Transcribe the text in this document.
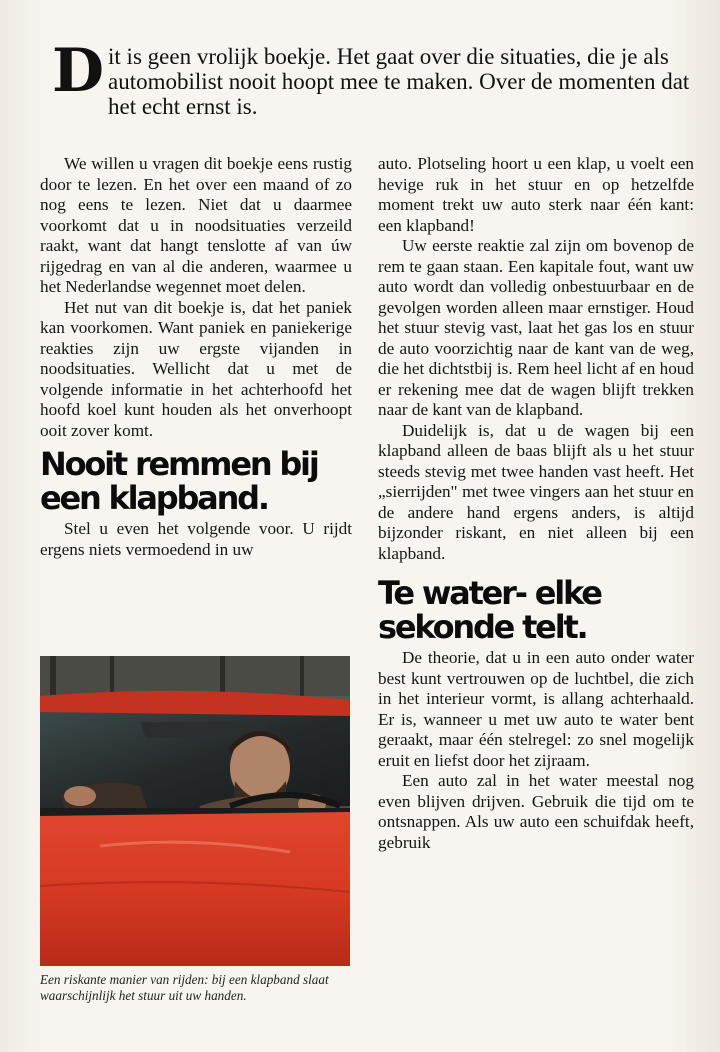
Dit is geen vrolijk boekje. Het gaat over die situaties, die je als automobilist nooit hoopt mee te maken. Over de momenten dat het echt ernst is.

We willen u vragen dit boekje eens rustig door te lezen. En het over een maand of zo nog eens te lezen. Niet dat u daarmee voorkomt dat u in noodsituaties verzeild raakt, want dat hangt tenslotte af van úw rijgedrag en van al die anderen, waarmee u het Nederlandse wegennet moet delen.

Het nut van dit boekje is, dat het paniek kan voorkomen. Want paniek en paniekerige reakties zijn uw ergste vijanden in noodsituaties. Wellicht dat u met de volgende informatie in het achterhoofd het hoofd koel kunt houden als het onverhoopt ooit zover komt.

Nooit remmen bij een klapband.

Stel u even het volgende voor. U rijdt ergens niets vermoedend in uw

Een riskante manier van rijden: bij een klapband slaat waarschijnlijk het stuur uit uw handen.

auto. Plotseling hoort u een klap, u voelt een hevige ruk in het stuur en op hetzelfde moment trekt uw auto sterk naar één kant: een klapband!

Uw eerste reaktie zal zijn om bovenop de rem te gaan staan. Een kapitale fout, want uw auto wordt dan volledig onbestuurbaar en de gevolgen worden alleen maar ernstiger. Houd het stuur stevig vast, laat het gas los en stuur de auto voorzichtig naar de kant van de weg, die het dichtstbij is. Rem heel licht af en houd er rekening mee dat de wagen blijft trekken naar de kant van de klapband.

Duidelijk is, dat u de wagen bij een klapband alleen de baas blijft als u het stuur steeds stevig met twee handen vast heeft. Het „sierrijden" met twee vingers aan het stuur en de andere hand ergens anders, is altijd bijzonder riskant, en niet alleen bij een klapband.

Te water- elke sekonde telt.

De theorie, dat u in een auto onder water best kunt vertrouwen op de luchtbel, die zich in het interieur vormt, is allang achterhaald. Er is, wanneer u met uw auto te water bent geraakt, maar één stelregel: zo snel mogelijk eruit en liefst door het zijraam.

Een auto zal in het water meestal nog even blijven drijven. Gebruik die tijd om te ontsnappen. Als uw auto een schuifdak heeft, gebruik
